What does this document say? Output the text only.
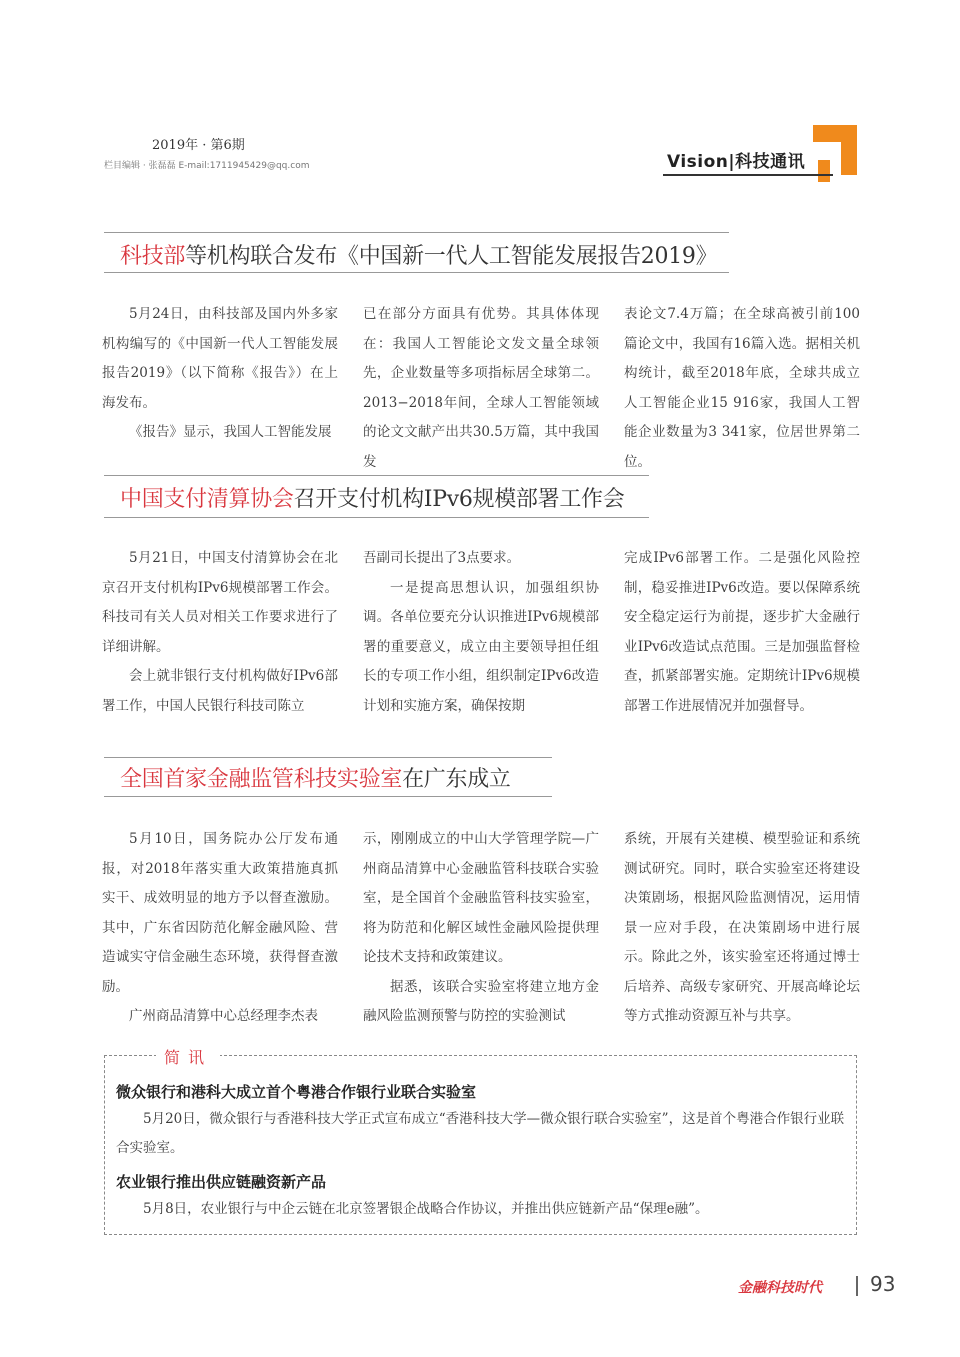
2019年 · 第6期
栏目编辑 · 张磊磊 E-mail:1711945429@qq.com	Vision|科技通讯
科技部等机构联合发布《中国新一代人工智能发展报告2019》

5月24日，由科技部及国内外多家机构编写的《中国新一代人工智能发展报告2019》（以下简称《报告》）在上海发布。

《报告》显示，我国人工智能发展

已在部分方面具有优势。其具体体现在：我国人工智能论文发文量全球领先，企业数量等多项指标居全球第二。2013−2018年间，全球人工智能领域的论文文献产出共30.5万篇，其中我国发

表论文7.4万篇；在全球高被引前100篇论文中，我国有16篇入选。据相关机构统计，截至2018年底，全球共成立人工智能企业15 916家，我国人工智能企业数量为3 341家，位居世界第二位。

中国支付清算协会召开支付机构IPv6规模部署工作会

5月21日，中国支付清算协会在北京召开支付机构IPv6规模部署工作会。科技司有关人员对相关工作要求进行了详细讲解。

会上就非银行支付机构做好IPv6部署工作，中国人民银行科技司陈立

吾副司长提出了3点要求。

一是提高思想认识，加强组织协调。各单位要充分认识推进IPv6规模部署的重要意义，成立由主要领导担任组长的专项工作小组，组织制定IPv6改造计划和实施方案，确保按期

完成IPv6部署工作。二是强化风险控制，稳妥推进IPv6改造。要以保障系统安全稳定运行为前提，逐步扩大金融行业IPv6改造试点范围。三是加强监督检查，抓紧部署实施。定期统计IPv6规模部署工作进展情况并加强督导。

全国首家金融监管科技实验室在广东成立

5月10日，国务院办公厅发布通报，对2018年落实重大政策措施真抓实干、成效明显的地方予以督查激励。其中，广东省因防范化解金融风险、营造诚实守信金融生态环境，获得督查激励。

广州商品清算中心总经理李杰表

示，刚刚成立的中山大学管理学院—广州商品清算中心金融监管科技联合实验室，是全国首个金融监管科技实验室，将为防范和化解区域性金融风险提供理论技术支持和政策建议。

据悉，该联合实验室将建立地方金融风险监测预警与防控的实验测试

系统，开展有关建模、模型验证和系统测试研究。同时，联合实验室还将建设决策剧场，根据风险监测情况，运用情景一应对手段，在决策剧场中进行展示。除此之外，该实验室还将通过博士后培养、高级专家研究、开展高峰论坛等方式推动资源互补与共享。

简讯
微众银行和港科大成立首个粤港合作银行业联合实验室

5月20日，微众银行与香港科技大学正式宣布成立“香港科技大学—微众银行联合实验室”，这是首个粤港合作银行业联合实验室。

农业银行推出供应链融资新产品

5月8日，农业银行与中企云链在北京签署银企战略合作协议，并推出供应链新产品“保理e融”。

金融科技时代 93
